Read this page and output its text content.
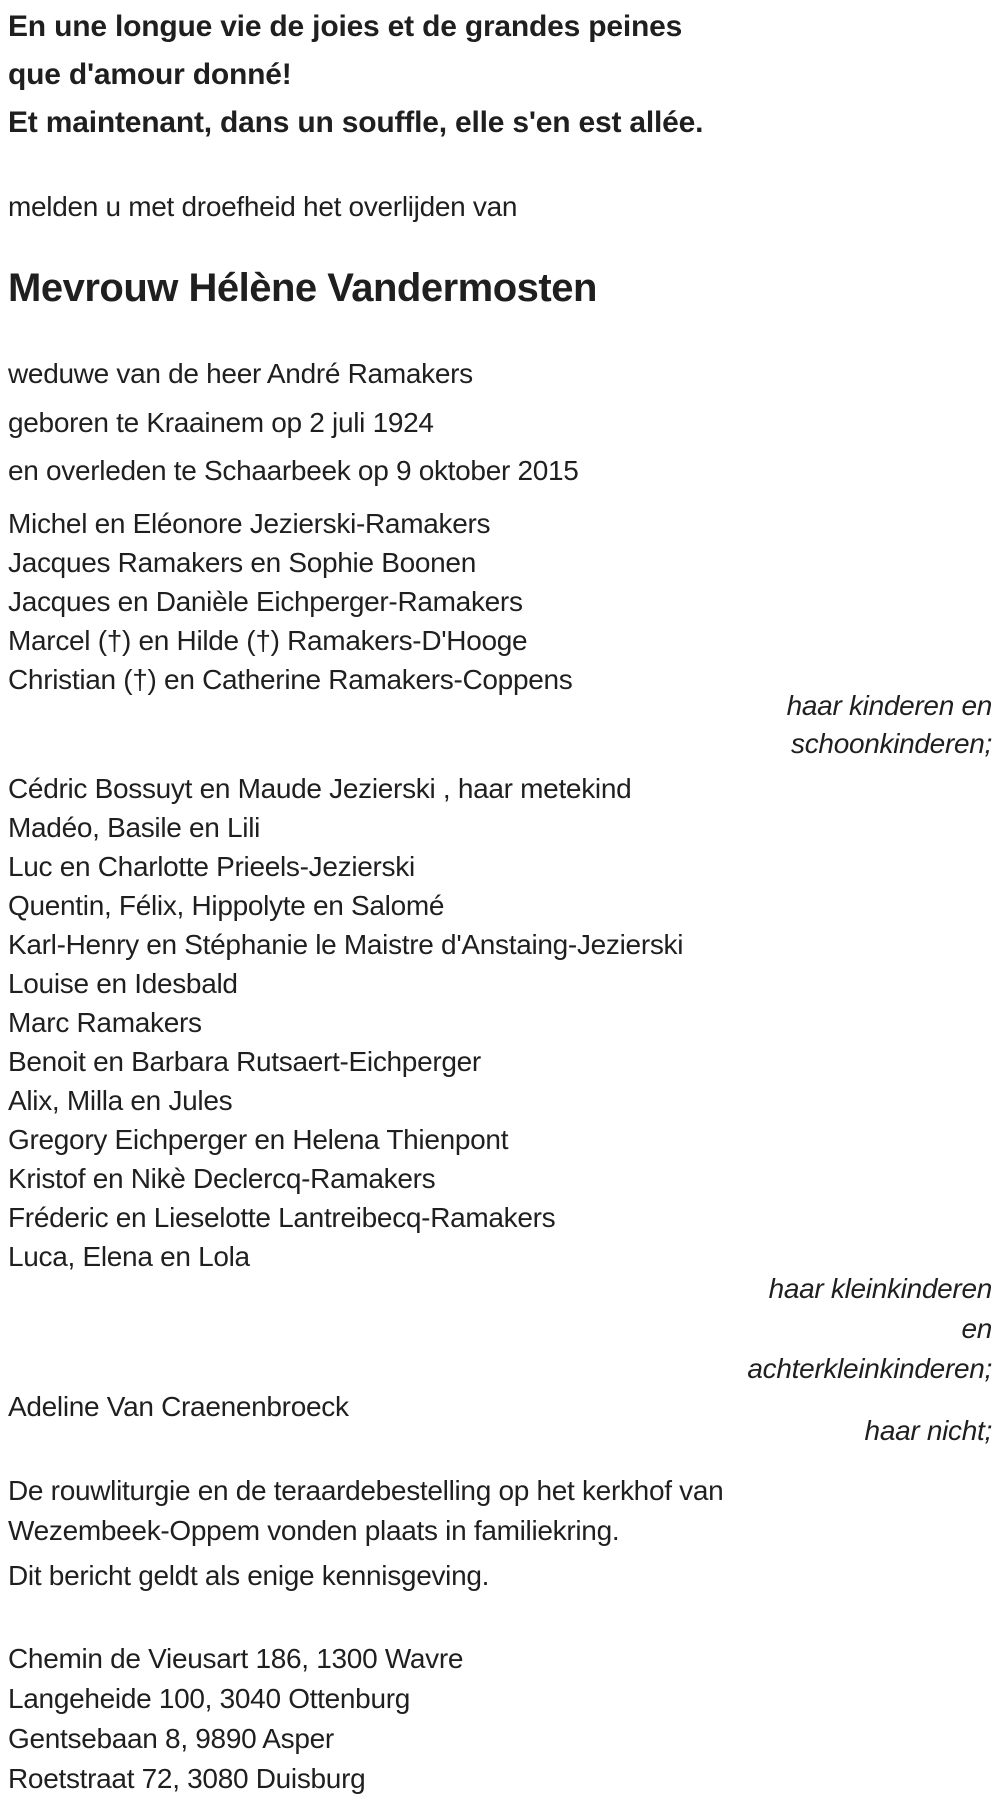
En une longue vie de joies et de grandes peines
que d'amour donné!
Et maintenant, dans un souffle, elle s'en est allée.
melden u met droefheid het overlijden van
Mevrouw Hélène Vandermosten
weduwe van de heer André Ramakers
geboren te Kraainem op 2 juli 1924
en overleden te Schaarbeek op 9 oktober 2015
Michel en Eléonore Jezierski-Ramakers
Jacques Ramakers en Sophie Boonen
Jacques en Danièle Eichperger-Ramakers
Marcel (†) en Hilde (†) Ramakers-D'Hooge
Christian (†) en Catherine Ramakers-Coppens
haar kinderen en
schoonkinderen;
Cédric Bossuyt en Maude Jezierski , haar metekind
Madéo, Basile en Lili
Luc en Charlotte Prieels-Jezierski
Quentin, Félix, Hippolyte en Salomé
Karl-Henry en Stéphanie le Maistre d'Anstaing-Jezierski
Louise en Idesbald
Marc Ramakers
Benoit en Barbara Rutsaert-Eichperger
Alix, Milla en Jules
Gregory Eichperger en Helena Thienpont
Kristof en Nikè Declercq-Ramakers
Fréderic en Lieselotte Lantreibecq-Ramakers
Luca, Elena en Lola
haar kleinkinderen
en
achterkleinkinderen;
Adeline Van Craenenbroeck
haar nicht;
De rouwliturgie en de teraardebestelling op het kerkhof van
Wezembeek-Oppem vonden plaats in familiekring.
Dit bericht geldt als enige kennisgeving.
Chemin de Vieusart 186, 1300 Wavre
Langeheide 100, 3040 Ottenburg
Gentsebaan 8, 9890 Asper
Roetstraat 72, 3080 Duisburg
